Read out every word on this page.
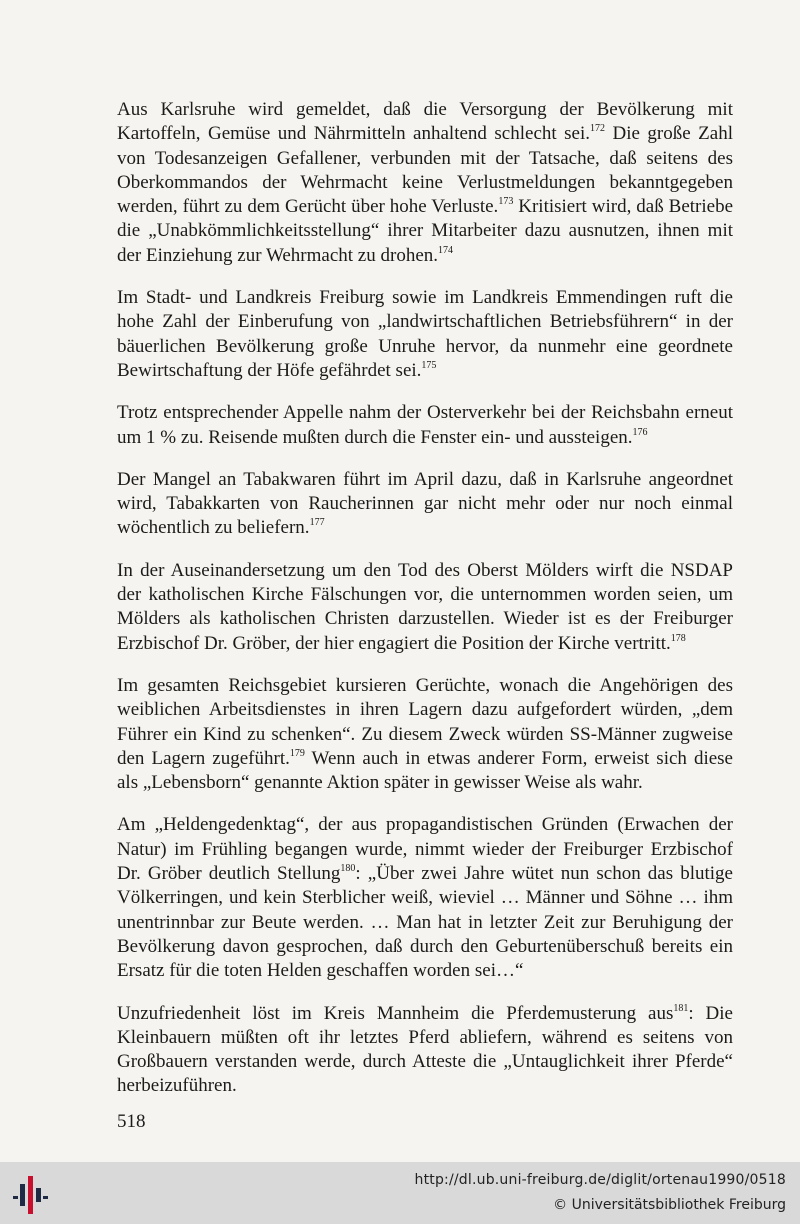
Aus Karlsruhe wird gemeldet, daß die Versorgung der Bevölkerung mit Kartoffeln, Gemüse und Nährmitteln anhaltend schlecht sei.$^{172}$ Die große Zahl von Todesanzeigen Gefallener, verbunden mit der Tatsache, daß seitens des Oberkommandos der Wehrmacht keine Verlustmeldungen bekanntgegeben werden, führt zu dem Gerücht über hohe Verluste.$^{173}$ Kritisiert wird, daß Betriebe die „Unabkömmlichkeitsstellung“ ihrer Mitarbeiter dazu ausnutzen, ihnen mit der Einziehung zur Wehrmacht zu drohen.$^{174}$

Im Stadt- und Landkreis Freiburg sowie im Landkreis Emmendingen ruft die hohe Zahl der Einberufung von „landwirtschaftlichen Betriebsführern“ in der bäuerlichen Bevölkerung große Unruhe hervor, da nunmehr eine geordnete Bewirtschaftung der Höfe gefährdet sei.$^{175}$

Trotz entsprechender Appelle nahm der Osterverkehr bei der Reichsbahn erneut um 1 % zu. Reisende mußten durch die Fenster ein- und aussteigen.$^{176}$

Der Mangel an Tabakwaren führt im April dazu, daß in Karlsruhe angeordnet wird, Tabakkarten von Raucherinnen gar nicht mehr oder nur noch einmal wöchentlich zu beliefern.$^{177}$

In der Auseinandersetzung um den Tod des Oberst Mölders wirft die NSDAP der katholischen Kirche Fälschungen vor, die unternommen worden seien, um Mölders als katholischen Christen darzustellen. Wieder ist es der Freiburger Erzbischof Dr. Gröber, der hier engagiert die Position der Kirche vertritt.$^{178}$

Im gesamten Reichsgebiet kursieren Gerüchte, wonach die Angehörigen des weiblichen Arbeitsdienstes in ihren Lagern dazu aufgefordert würden, „dem Führer ein Kind zu schenken“. Zu diesem Zweck würden SS-Männer zugweise den Lagern zugeführt.$^{179}$ Wenn auch in etwas anderer Form, erweist sich diese als „Lebensborn“ genannte Aktion später in gewisser Weise als wahr.

Am „Heldengedenktag“, der aus propagandistischen Gründen (Erwachen der Natur) im Frühling begangen wurde, nimmt wieder der Freiburger Erzbischof Dr. Gröber deutlich Stellung$^{180}$: „Über zwei Jahre wütet nun schon das blutige Völkerringen, und kein Sterblicher weiß, wieviel … Männer und Söhne … ihm unentrinnbar zur Beute werden. … Man hat in letzter Zeit zur Beruhigung der Bevölkerung davon gesprochen, daß durch den Geburtenüberschuß bereits ein Ersatz für die toten Helden geschaffen worden sei…“

Unzufriedenheit löst im Kreis Mannheim die Pferdemusterung aus$^{181}$: Die Kleinbauern müßten oft ihr letztes Pferd abliefern, während es seitens von Großbauern verstanden werde, durch Atteste die „Untauglichkeit ihrer Pferde“ herbeizuführen.

518
http://dl.ub.uni-freiburg.de/diglit/ortenau1990/0518
© Universitätsbibliothek Freiburg
